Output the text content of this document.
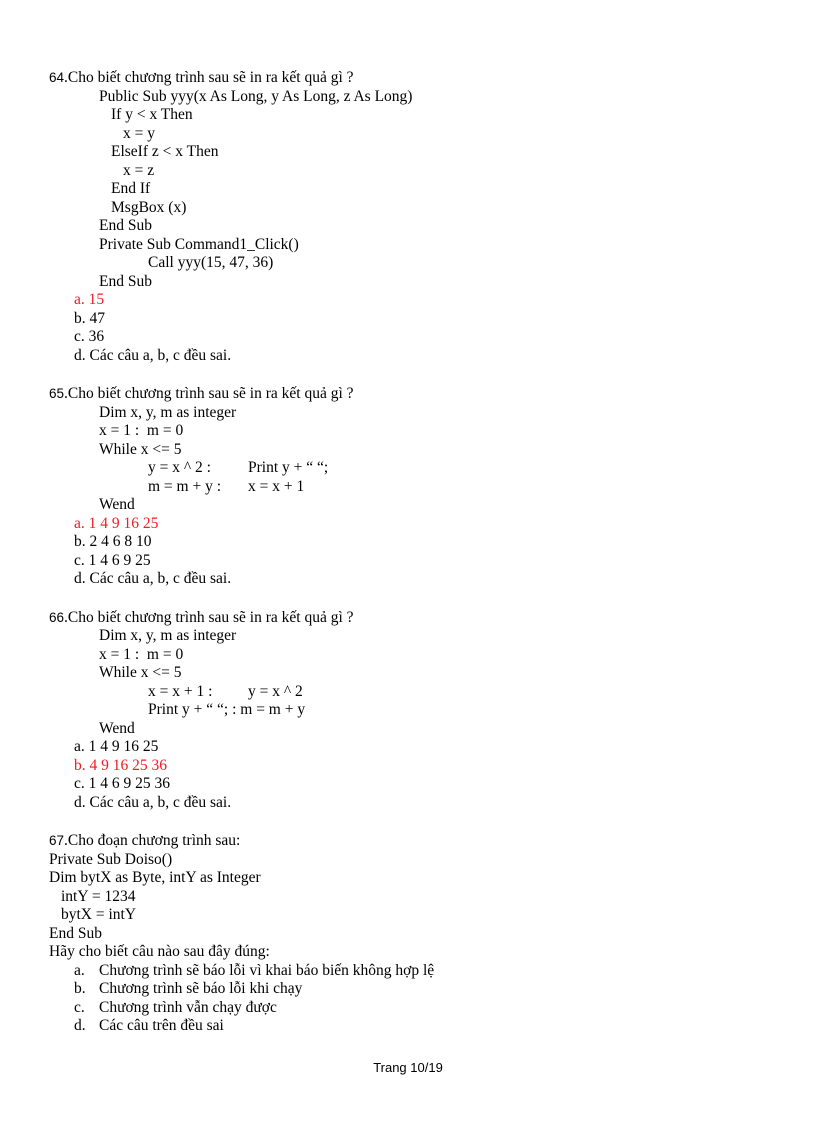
64.Cho biết chương trình sau sẽ in ra kết quả gì ?
Public Sub yyy(x As Long, y As Long, z As Long)
If y < x Then
x = y
ElseIf z < x Then
x = z
End If
MsgBox (x)
End Sub
Private Sub Command1_Click()
Call yyy(15, 47, 36)
End Sub
a. 15
b. 47
c. 36
d. Các câu a, b, c đều sai.
65.Cho biết chương trình sau sẽ in ra kết quả gì ?
Dim x, y, m as integer
x = 1 :  m = 0
While x <= 5
y = x ^ 2 : Print y + “ “;
m = m + y : x = x + 1
Wend
a. 1 4 9 16 25
b. 2 4 6 8 10
c. 1 4 6 9 25
d. Các câu a, b, c đều sai.
66.Cho biết chương trình sau sẽ in ra kết quả gì ?
Dim x, y, m as integer
x = 1 :  m = 0
While x <= 5
x = x + 1 : y = x ^ 2
Print y + “ “; : m = m + y
Wend
a. 1 4 9 16 25
b. 4 9 16 25 36
c. 1 4 6 9 25 36
d. Các câu a, b, c đều sai.
67.Cho đoạn chương trình sau:
Private Sub Doiso()
Dim bytX as Byte, intY as Integer
intY = 1234
bytX = intY
End Sub
Hãy cho biết câu nào sau đây đúng:
a. Chương trình sẽ báo lỗi vì khai báo biến không hợp lệ
b. Chương trình sẽ báo lỗi khi chạy
c. Chương trình vẫn chạy được
d. Các câu trên đều sai
Trang 10/19
